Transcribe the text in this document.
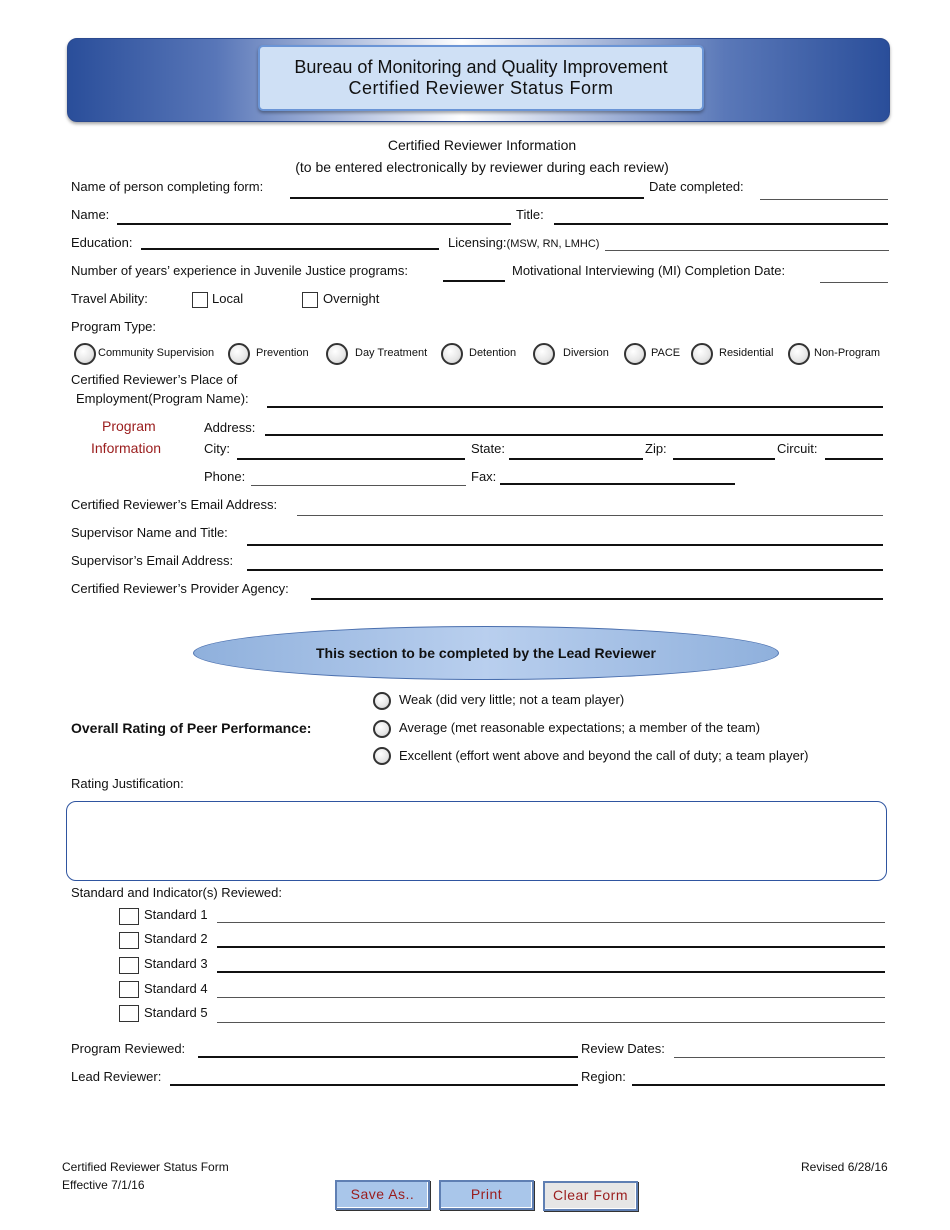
Bureau of Monitoring and Quality Improvement
Certified Reviewer Status Form
Certified Reviewer Information
(to be entered electronically by reviewer during each review)
Name of person completing form:	Date completed:
Name:	Title:
Education:	Licensing:(MSW, RN, LMHC)
Number of years’ experience in Juvenile Justice programs:	Motivational Interviewing (MI) Completion Date:
Travel Ability:	Local	Overnight
Program Type:
Community Supervision	Prevention	Day Treatment	Detention	Diversion	PACE	Residential	Non-Program
Certified Reviewer’s Place of
Employment(Program Name):
Program
Information
Address:
City:	State:	Zip:	Circuit:
Phone:	Fax:
Certified Reviewer’s Email Address:
Supervisor Name and Title:
Supervisor’s Email Address:
Certified Reviewer’s Provider Agency:
This section to be completed by the Lead Reviewer
Overall Rating of Peer Performance:
Weak (did very little; not a team player)
Average (met reasonable expectations; a member of the team)
Excellent (effort went above and beyond the call of duty; a team player)
Rating Justification:
Standard and Indicator(s) Reviewed:
Standard 1
Standard 2
Standard 3
Standard 4
Standard 5
Program Reviewed:	Review Dates:
Lead Reviewer:	Region:
Certified Reviewer Status Form
Effective 7/1/16
Revised 6/28/16
Save As..	Print	Clear Form
